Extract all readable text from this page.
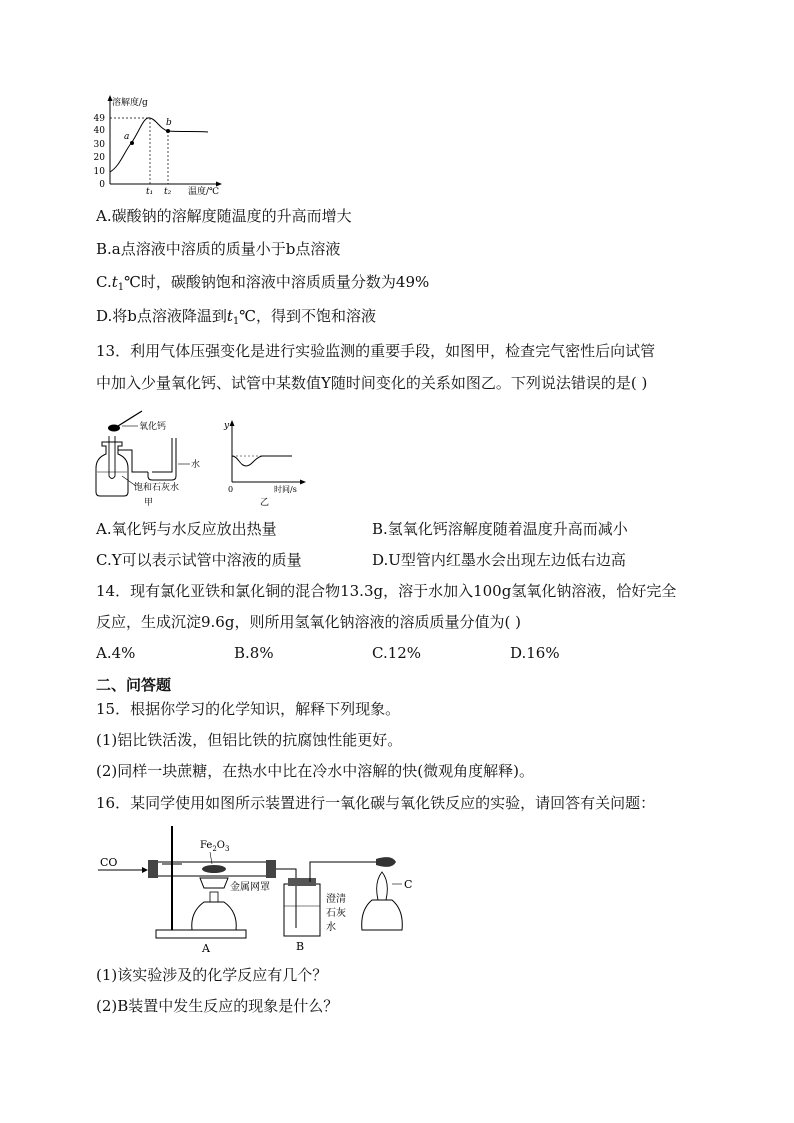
溶解度/g
温度/℃
0
10
20
30
40
49
a
b
t₁ t₂
A.碳酸钠的溶解度随温度的升高而增大
B.a点溶液中溶质的质量小于b点溶液
$C.t_1℃$时，碳酸钠饱和溶液中溶质质量分数为49%
D.将b点溶液降温到$t_1℃$，得到不饱和溶液
13．利用气体压强变化是进行实验监测的重要手段，如图甲，检查完气密性后向试管
中加入少量氧化钙、试管中某数值Y随时间变化的关系如图乙。下列说法错误的是( )
氧化钙
水
饱和石灰水
甲
y
0	时间/s
乙
A.氧化钙与水反应放出热量	B.氢氧化钙溶解度随着温度升高而减小
C.Y可以表示试管中溶液的质量	D.U型管内红墨水会出现左边低右边高
14．现有氯化亚铁和氯化铜的混合物13.3g，溶于水加入100g氢氧化钠溶液，恰好完全
反应，生成沉淀9.6g，则所用氢氧化钠溶液的溶质质量分值为( )
A.4%	B.8%	C.12%	D.16%
二、问答题
15．根据你学习的化学知识，解释下列现象。
(1)铝比铁活泼，但铝比铁的抗腐蚀性能更好。
(2)同样一块蔗糖，在热水中比在冷水中溶解的快(微观角度解释)。
16．某同学使用如图所示装置进行一氧化碳与氧化铁反应的实验，请回答有关问题：
CO
$Fe_2O_3$
金属网罩
A
澄清
石灰
水
B
C
(1)该实验涉及的化学反应有几个？
(2)B装置中发生反应的现象是什么？
